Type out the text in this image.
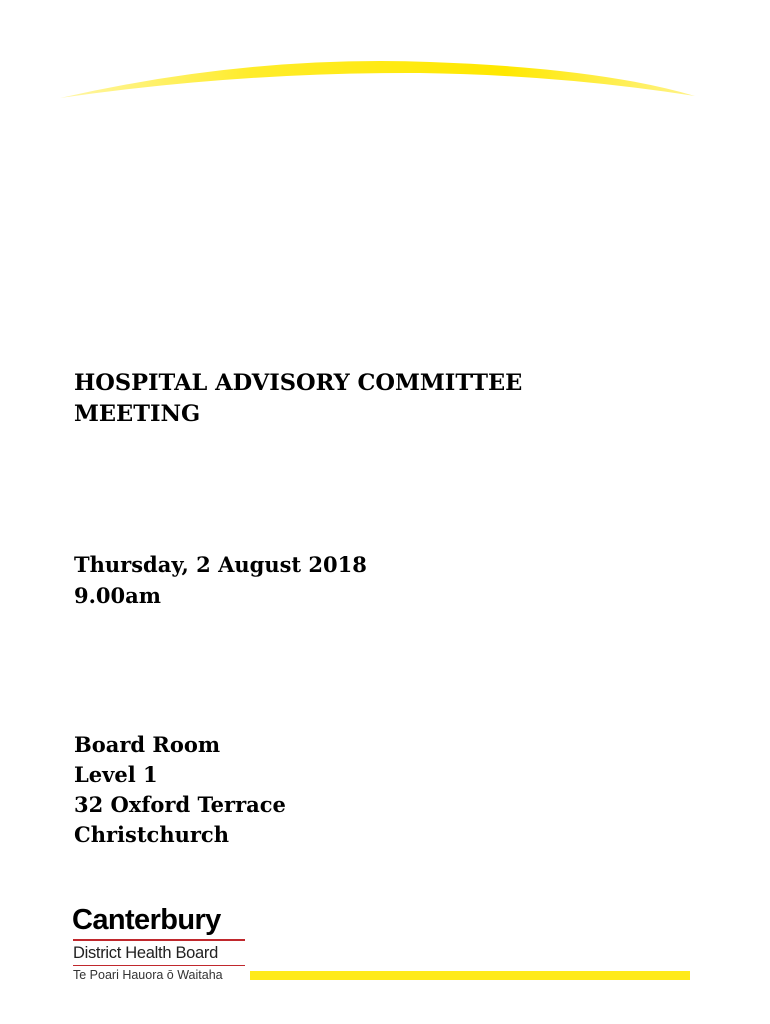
HOSPITAL ADVISORY COMMITTEE
MEETING
Thursday, 2 August 2018
9.00am
Board Room
Level 1
32 Oxford Terrace
Christchurch
Canterbury
District Health Board
Te Poari Hauora ō Waitaha
